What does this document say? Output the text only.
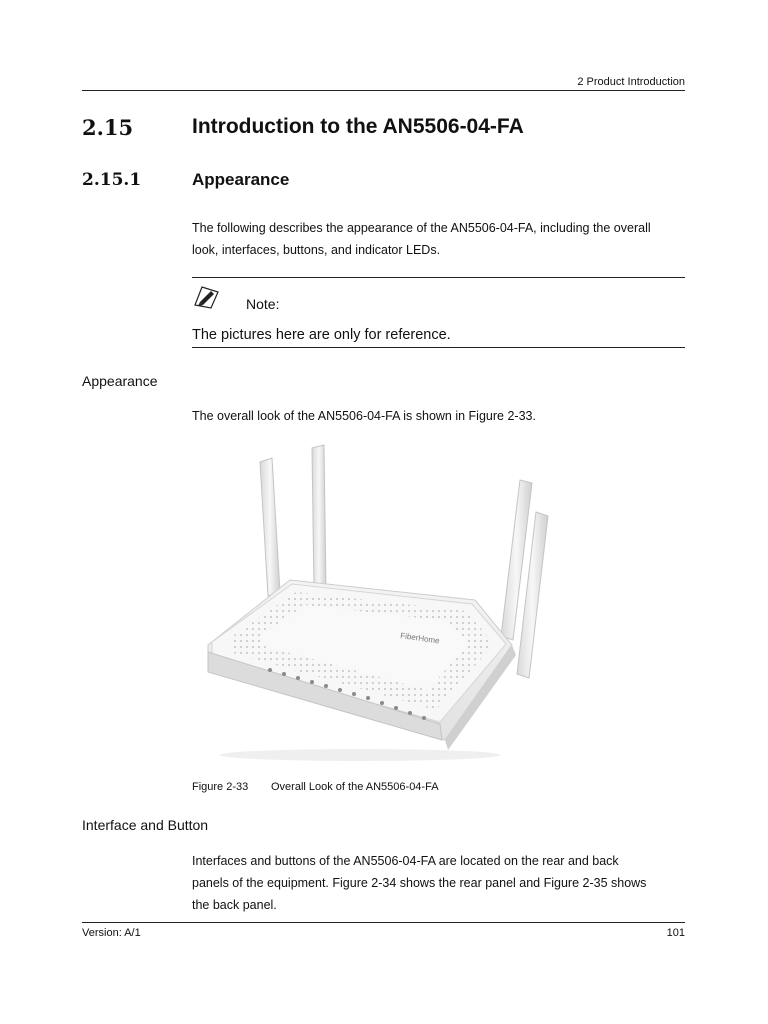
2 Product Introduction
2.15	Introduction to the AN5506-04-FA
2.15.1	Appearance
The following describes the appearance of the AN5506-04-FA, including the overall
look, interfaces, buttons, and indicator LEDs.
Note:
The pictures here are only for reference.
Appearance
The overall look of the AN5506-04-FA is shown in Figure 2-33.
FiberHome
Figure 2-33 Overall Look of the AN5506-04-FA
Interface and Button
Interfaces and buttons of the AN5506-04-FA are located on the rear and back
panels of the equipment. Figure 2-34 shows the rear panel and Figure 2-35 shows
the back panel.
Version: A/1	101
